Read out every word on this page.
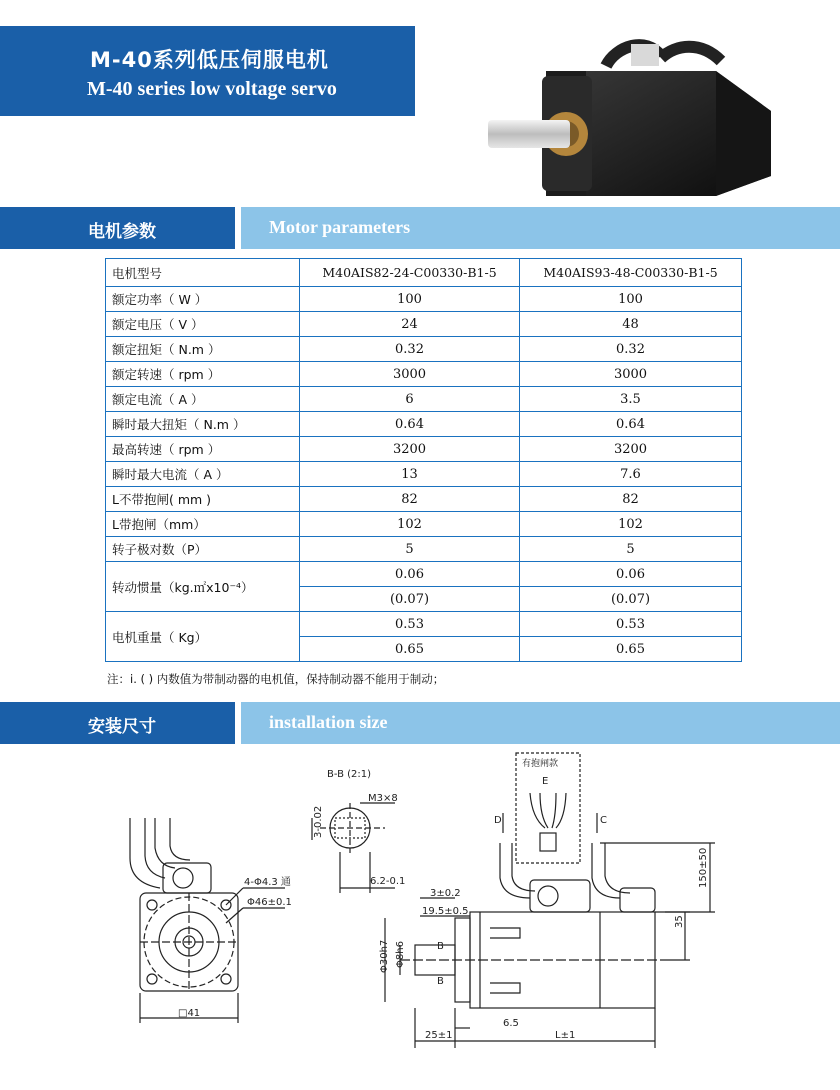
M-40系列低压伺服电机
M-40 series low voltage servo
电机参数	Motor parameters
电机型号	M40AIS82-24-C00330-B1-5	M40AIS93-48-C00330-B1-5
额定功率（ W ）	100	100
额定电压（ V ）	24	48
额定扭矩（ N.m ）	0.32	0.32
额定转速（ rpm ）	3000	3000
额定电流（ A ）	6	3.5
瞬时最大扭矩（ N.m ）	0.64	0.64
最高转速（ rpm ）	3200	3200
瞬时最大电流（ A ）	13	7.6
L不带抱闸( mm )	82	82
L带抱闸（mm）	102	102
转子极对数（P）	5	5
转动惯量（kg.㎡x10⁻⁴）	0.06	0.06
	(0.07)	(0.07)
电机重量（ Kg）	0.53	0.53
	0.65	0.65
注：i. ( ) 内数值为带制动器的电机值，保持制动器不能用于制动；
安装尺寸	installation size
B-B (2:1)
有抱闸款
E
D	C
B
B
4-Φ4.3 通
Φ46±0.1
□41
3-0.02
6.2-0.1
M3×8
3±0.2
19.5±0.5
Φ30h7 Φ8h6
6.5
25±1	L±1
35
150±50
